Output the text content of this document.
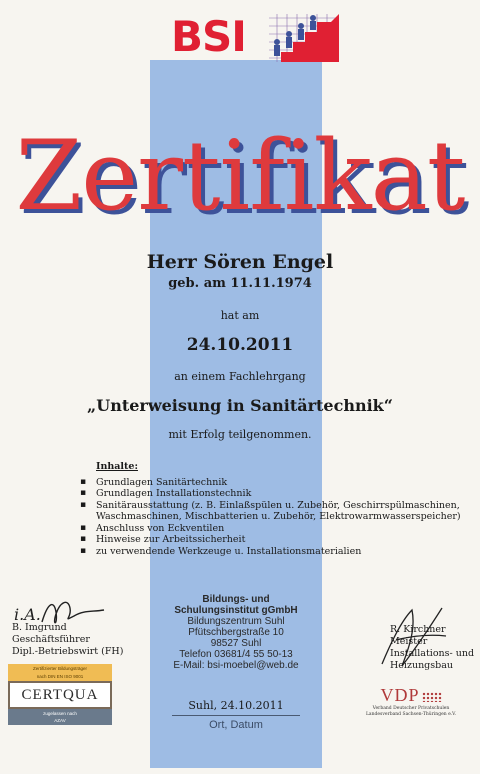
BSI
Zertifikat
Herr Sören Engel
geb. am 11.11.1974
hat am
24.10.2011
an einem Fachlehrgang
„Unterweisung in Sanitärtechnik“
mit Erfolg teilgenommen.
Inhalte:
▪ Grundlagen Sanitärtechnik
▪ Grundlagen Installationstechnik
▪ Sanitärausstattung (z. B. Einlaßspülen u. Zubehör, Geschirrspülmaschinen, Waschmaschinen, Mischbatterien u. Zubehör, Elektrowarmwasserspeicher)
▪ Anschluss von Eckventilen
▪ Hinweise zur Arbeitssicherheit
▪ zu verwendende Werkzeuge u. Installationsmaterialien
Bildungs- und
Schulungsinstitut gGmbH
Bildungszentrum Suhl
Pfütschbergstraße 10
98527 Suhl
Telefon 03681/4 55 50-13
E-Mail: bsi-moebel@web.de
i.A.
B. Imgrund
Geschäftsführer
Dipl.-Betriebswirt (FH)
R. Kirchner
Meister
Installations- und
Heizungsbau
Zertifizierter Bildungsträger
nach DIN EN ISO 9001
CERTQUA
zugelassen nach
AZAV
VDP
Verband Deutscher Privatschulen
Landesverband Sachsen-Thüringen e.V.
Suhl, 24.10.2011
Ort, Datum
